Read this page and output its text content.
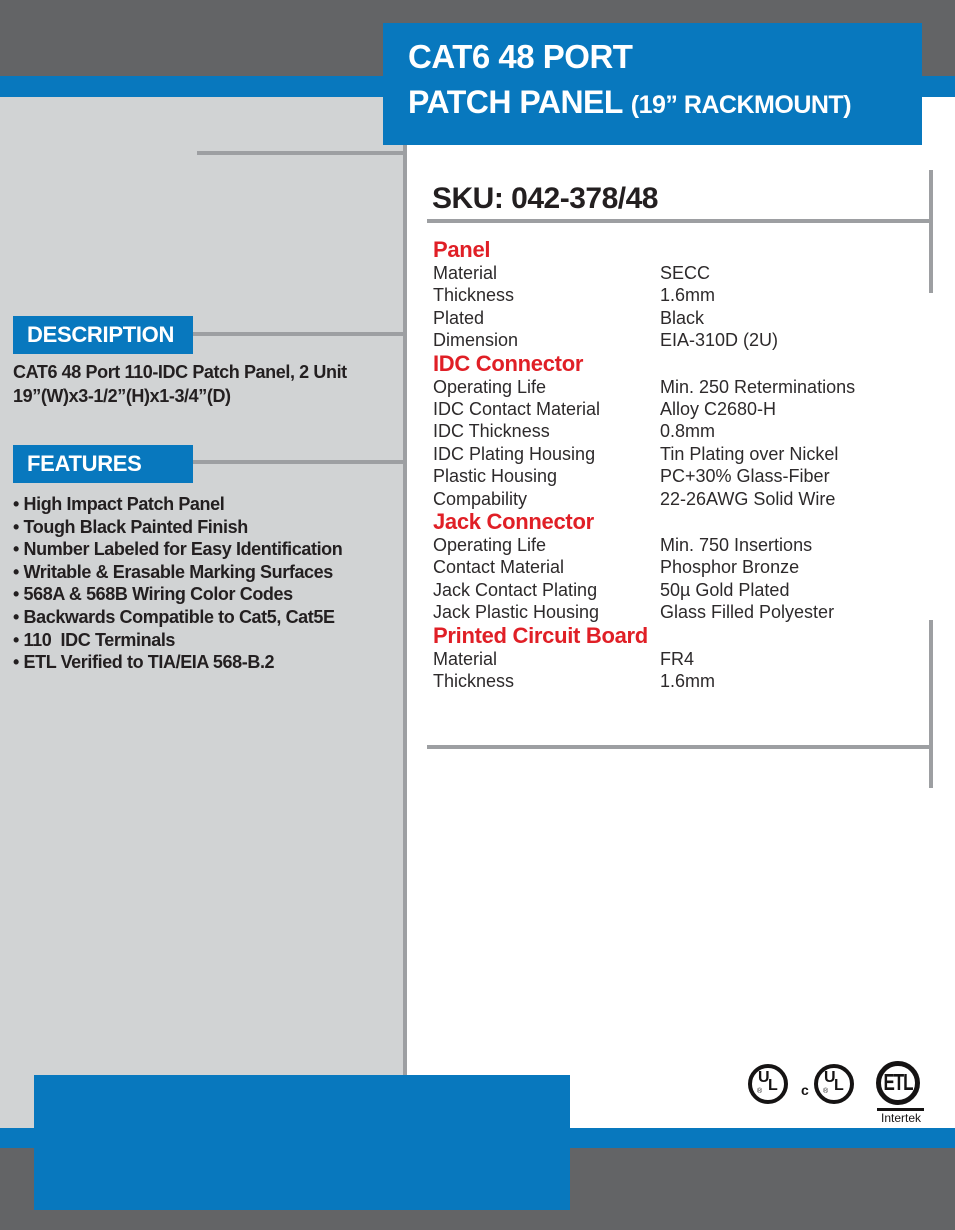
CAT6 48 PORT
PATCH PANEL (19” RACKMOUNT)
DESCRIPTION
CAT6 48 Port 110-IDC Patch Panel, 2 Unit
19”(W)x3-1/2”(H)x1-3/4”(D)
FEATURES
• High Impact Patch Panel
• Tough Black Painted Finish
• Number Labeled for Easy Identification
• Writable & Erasable Marking Surfaces
• 568A & 568B Wiring Color Codes
• Backwards Compatible to Cat5, Cat5E
• 110  IDC Terminals
• ETL Verified to TIA/EIA 568-B.2
SKU: 042-378/48
Panel
Material	SECC
Thickness	1.6mm
Plated	Black
Dimension	EIA-310D (2U)
IDC Connector
Operating Life	Min. 250 Reterminations
IDC Contact Material	Alloy C2680-H
IDC Thickness	0.8mm
IDC Plating Housing	Tin Plating over Nickel
Plastic Housing	PC+30% Glass-Fiber
Compability	22-26AWG Solid Wire
Jack Connector
Operating Life	Min. 750 Insertions
Contact Material	Phosphor Bronze
Jack Contact Plating	50µ Gold Plated
Jack Plastic Housing	Glass Filled Polyester
Printed Circuit Board
Material	FR4
Thickness	1.6mm
U
L
®	c
U
L
®	ETL
Intertek
